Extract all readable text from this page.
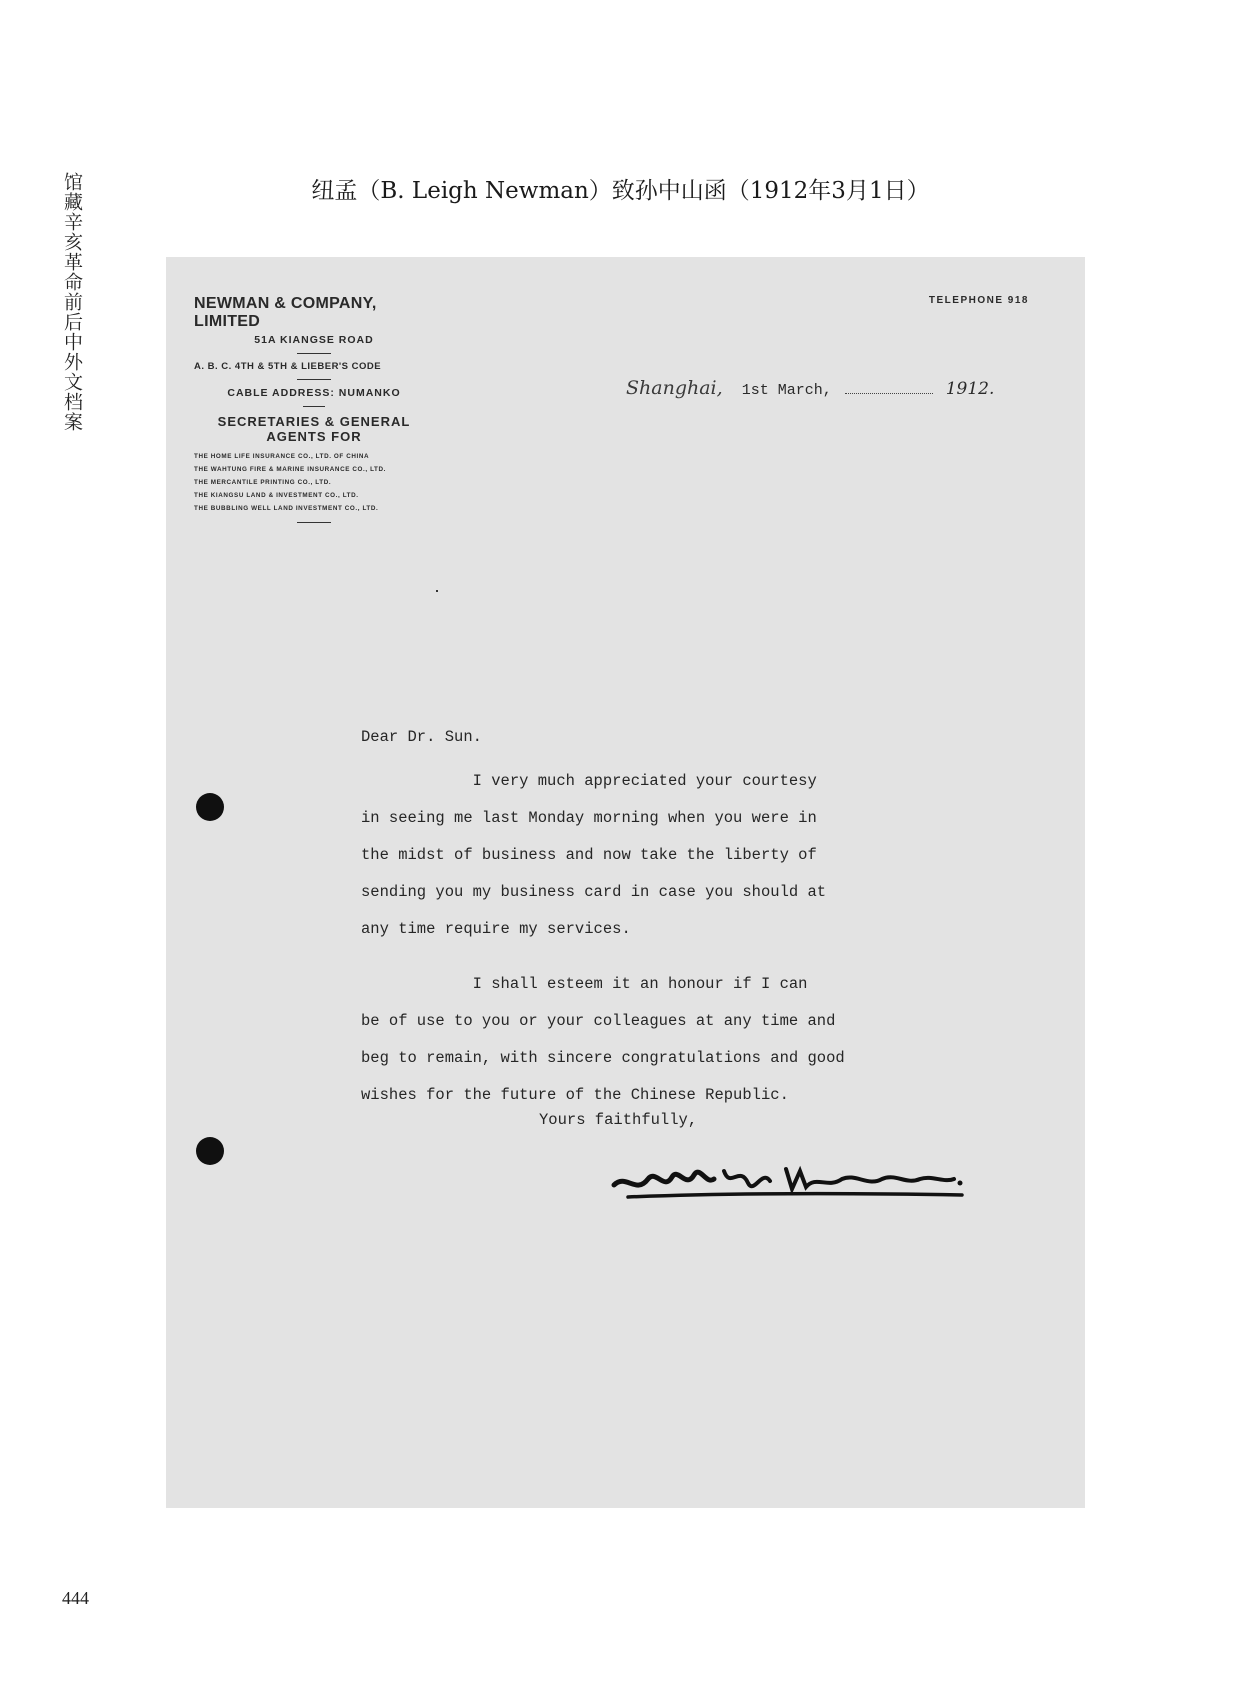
馆藏辛亥革命前后中外文档案	纽孟（B. Leigh Newman）致孙中山函（1912年3月1日）
NEWMAN & COMPANY, LIMITED
51A KIANGSE ROAD
A. B. C. 4TH & 5TH & LIEBER'S CODE
CABLE ADDRESS: NUMANKO
SECRETARIES & GENERAL
AGENTS FOR
THE HOME LIFE INSURANCE CO., LTD. OF CHINA
THE WAHTUNG FIRE & MARINE INSURANCE CO., LTD.
THE MERCANTILE PRINTING CO., LTD.
THE KIANGSU LAND & INVESTMENT CO., LTD.
THE BUBBLING WELL LAND INVESTMENT CO., LTD.
TELEPHONE 918
Shanghai, 1st March,	1912.

Dear Dr. Sun.

I very much appreciated your courtesy
in seeing me last Monday morning when you were in
the midst of business and now take the liberty of
sending you my business card in case you should at
any time require my services.

I shall esteem it an honour if I can
be of use to you or your colleagues at any time and
beg to remain, with sincere congratulations and good
wishes for the future of the Chinese Republic.

Yours faithfully,

444
